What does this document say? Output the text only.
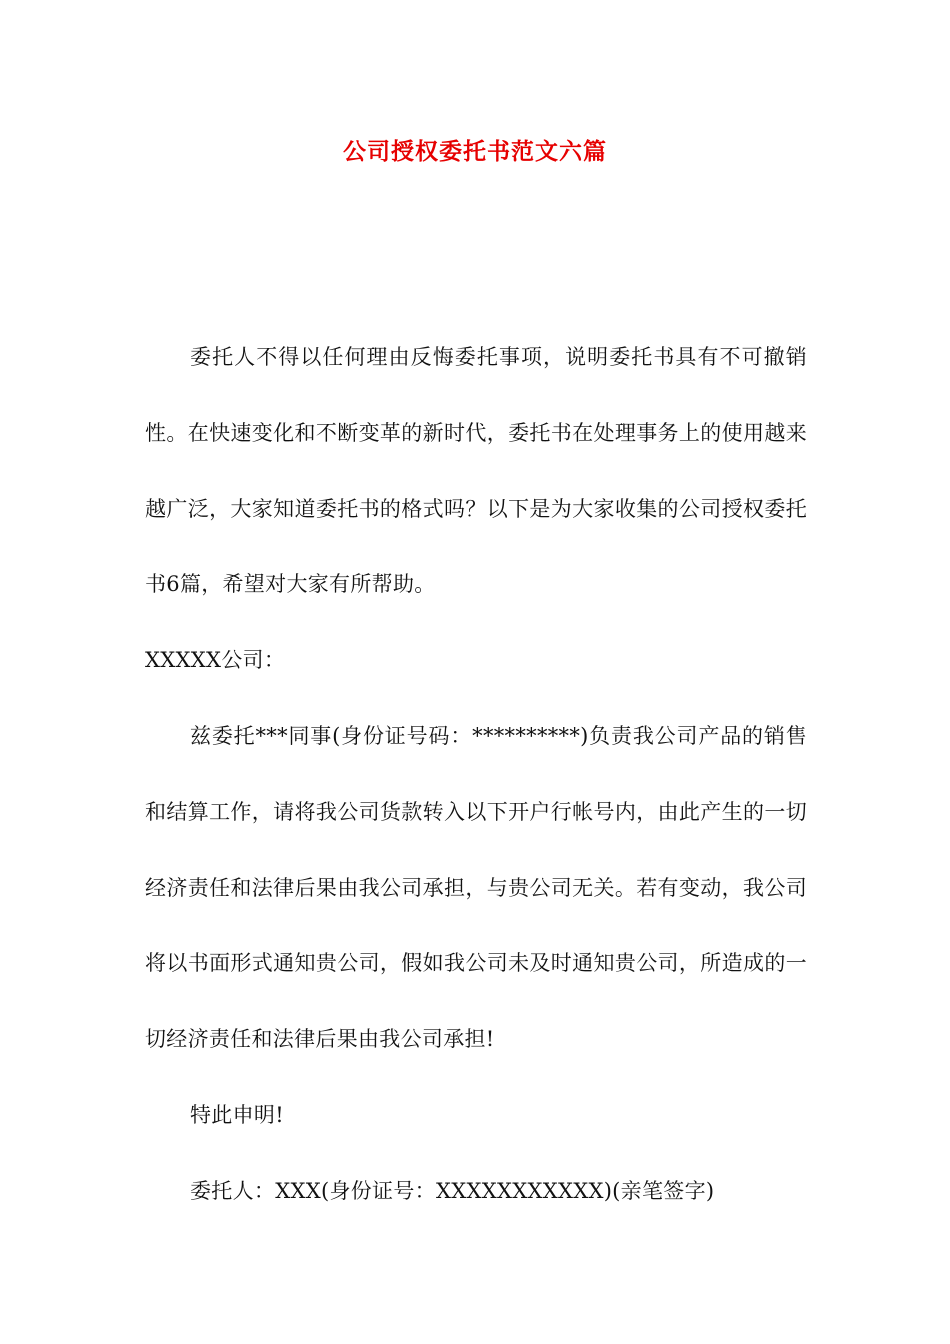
公司授权委托书范文六篇

委托人不得以任何理由反悔委托事项，说明委托书具有不可撤销性。在快速变化和不断变革的新时代，委托书在处理事务上的使用越来越广泛，大家知道委托书的格式吗？以下是为大家收集的公司授权委托书6篇，希望对大家有所帮助。

XXXXX公司：

兹委托***同事(身份证号码：**********)负责我公司产品的销售和结算工作，请将我公司货款转入以下开户行帐号内，由此产生的一切经济责任和法律后果由我公司承担，与贵公司无关。若有变动，我公司将以书面形式通知贵公司，假如我公司未及时通知贵公司，所造成的一切经济责任和法律后果由我公司承担!

特此申明!

委托人：XXX(身份证号：XXXXXXXXXXX)(亲笔签字)
